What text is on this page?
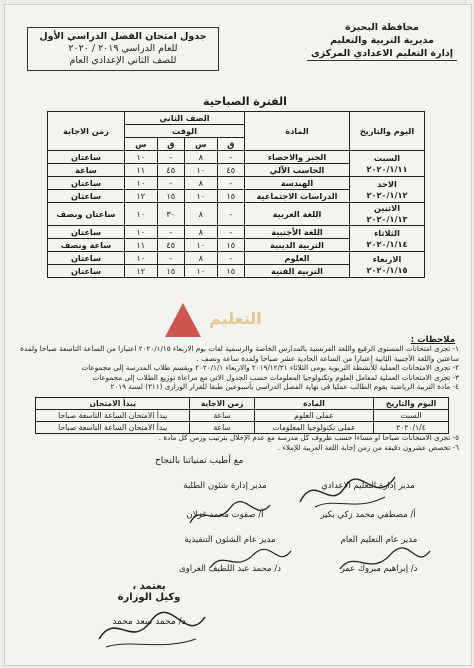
محافظة البحيرة
مديرية التربية والتعليم
إدارة التعليم الاعدادي المركزى
جدول امتحان الفصل الدراسي الأول
للعام الدراسي ٢٠١٩ / ٢٠٢٠
للصف الثاني الإعدادي العام
الفترة الصباحية
اليوم والتاريخ	المادة	الصف الثاني				زمن الاجابة
		الوقت				
		ق	س	ق	س	

السبت
٢٠٢٠/١/١١	الجبر والاحصاء	-	٨	-	١٠	ساعتان
	الحاسب الآلي	٤٥	١٠	٤٥	١١	ساعة

الاحد
٢٠٢٠/١/١٢	الهندسة	-	٨	-	١٠	ساعتان
	الدراسات الاجتماعية	١٥	١٠	١٥	١٢	ساعتان

الاثنين
٢٠٢٠/١/١٣	اللغة العربية	-	٨	٣٠	١٠	ساعتان ونصف

الثلاثاء
٢٠٢٠/١/١٤	اللغة الأجنبية	-	٨	-	١٠	ساعتان
	التربية الدينية	١٥	١٠	٤٥	١١	ساعة ونصف

الاربعاء
٢٠٢٠/١/١٥	العلوم	-	٨	-	١٠	ساعتان
	التربية الفنية	١٥	١٠	١٥	١٢	ساعتان
التعليم
ملاحظات :

١- تجرى امتحانات المستوى الرفيع واللغة الفرنسية بالمدارس الخاصة والرسمية لغات يوم الاربعاء ٢٠٢٠/١/١٥ اعتبارا من الساعة التاسعة صباحا ولمدة ساعتين واللغة الأجنبية الثانية إعتبارا من الساعة الحادية عشر صباحا ولمدة ساعة ونصف .

٢- تجرى الامتحانات العملية للأنشطة التربوية يومى الثلاثاء ٢٠١٩/١٢/٣١ والاربعاء ٢٠٢٠/١/١ ويقسم طلاب المدرسة إلى مجموعات

٣- تجرى الامتحانات العملية لمعامل العلوم وتكنولوجيا المعلومات حسب الجدول الاتي مع مراعاة توزيع الطلاب إلى مجموعات

٤- مادة التربية الرياضية يقوم الطالب عمليا فى نهاية الفصل الدراسي بأسبوعين طبقا للقرار الوزارى (٣١١) لسنة ٢٠١٩

اليوم والتاريخ	المادة	زمن الاجابة	يبدأ الامتحان
السبت	عملى العلوم	ساعة	يبدأ الامتحان الساعة التاسعة صباحا
٢٠٢٠/١/٤	عملى تكنولوجيا المعلومات	ساعة	يبدأ الامتحان الساعة التاسعة صباحا

٥- تجرى الامتحانات صباحا او مساءا حسب ظروف كل مدرسة مع عدم الإخلال بترتيب وزمن كل مادة .

٦- تخصص عشرون دقيقة من زمن إجابة اللغة العربية للإملاء .

مع أطيب تمنياتنا بالنجاح
مدير إدارة التعليم الاعدادي
أ/ مصطفي محمد زكي بكير
مدير إدارة شئون الطلبة
أ/ صفوت محمد غزلان
مدير عام التعليم العام
د/ إبراهيم مبروك عمر
مدير عام الشئون التنفيذية
د/ محمد عبد اللطيف الغراوى
يعتمد ،
وكيل الوزارة
د/ محمد سعد محمد
